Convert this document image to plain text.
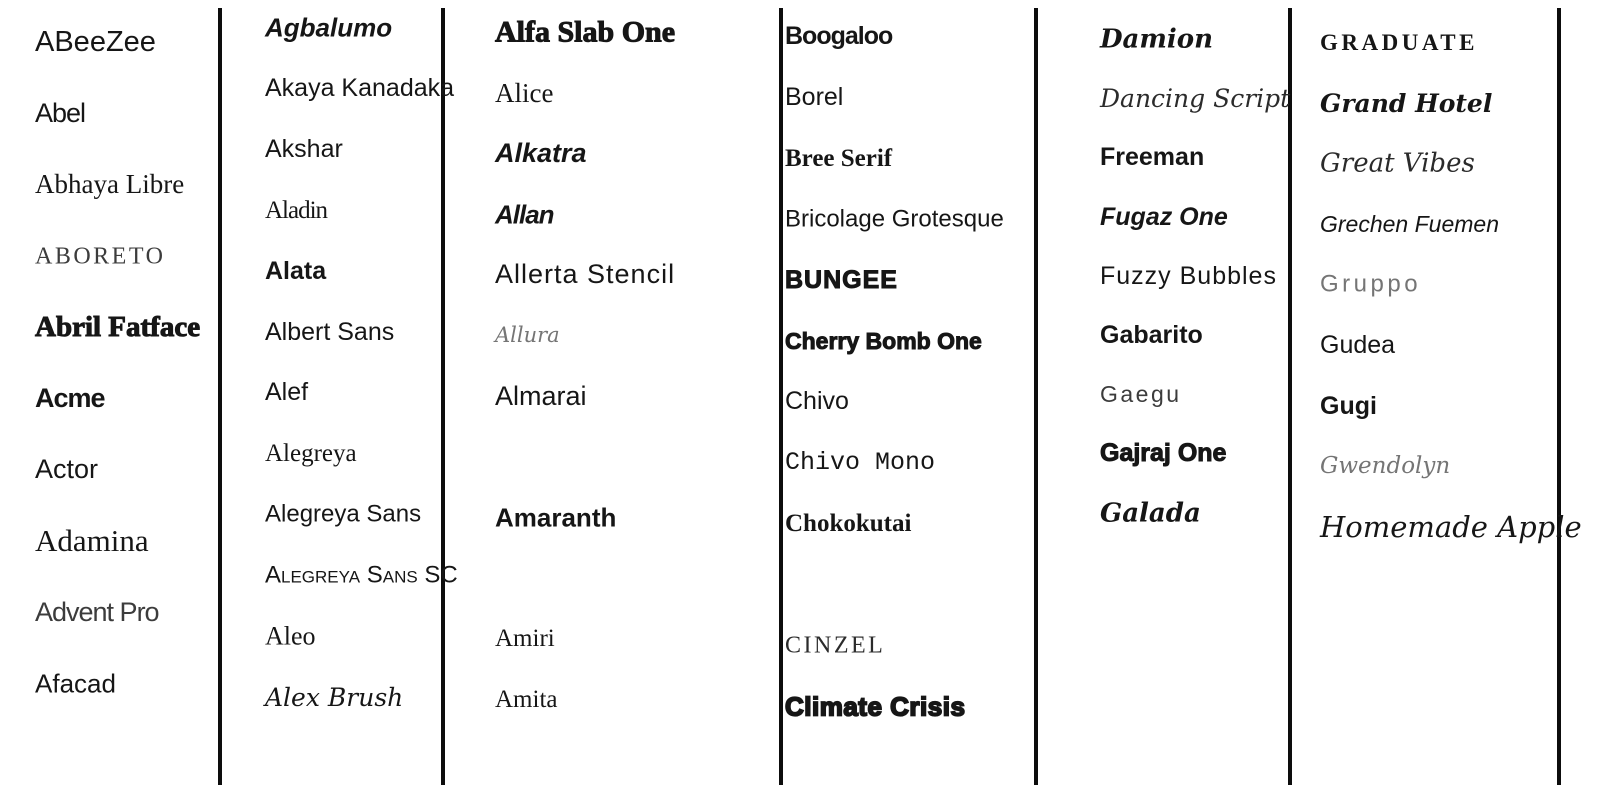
ABeeZee
Abel
Abhaya Libre
ABORETO
Abril Fatface
Acme
Actor
Adamina
Advent Pro
Afacad
Agbalumo
Akaya Kanadaka
Akshar
Aladin
Alata
Albert Sans
Alef
Alegreya
Alegreya Sans
Alegreya Sans SC
Aleo
Alex Brush
Alfa Slab One
Alice
Alkatra
Allan
Allerta Stencil
Allura
Almarai
Amaranth
Amiri
Amita
Boogaloo
Borel
Bree Serif
Bricolage Grotesque
BUNGEE
Cherry Bomb One
Chivo
Chivo Mono
Chokokutai
CINZEL
Climate Crisis
Damion
Dancing Script
Freeman
Fugaz One
Fuzzy Bubbles
Gabarito
Gaegu
Gajraj One
Galada
GRADUATE
Grand Hotel
Great Vibes
Grechen Fuemen
Gruppo
Gudea
Gugi
Gwendolyn
Homemade Apple
